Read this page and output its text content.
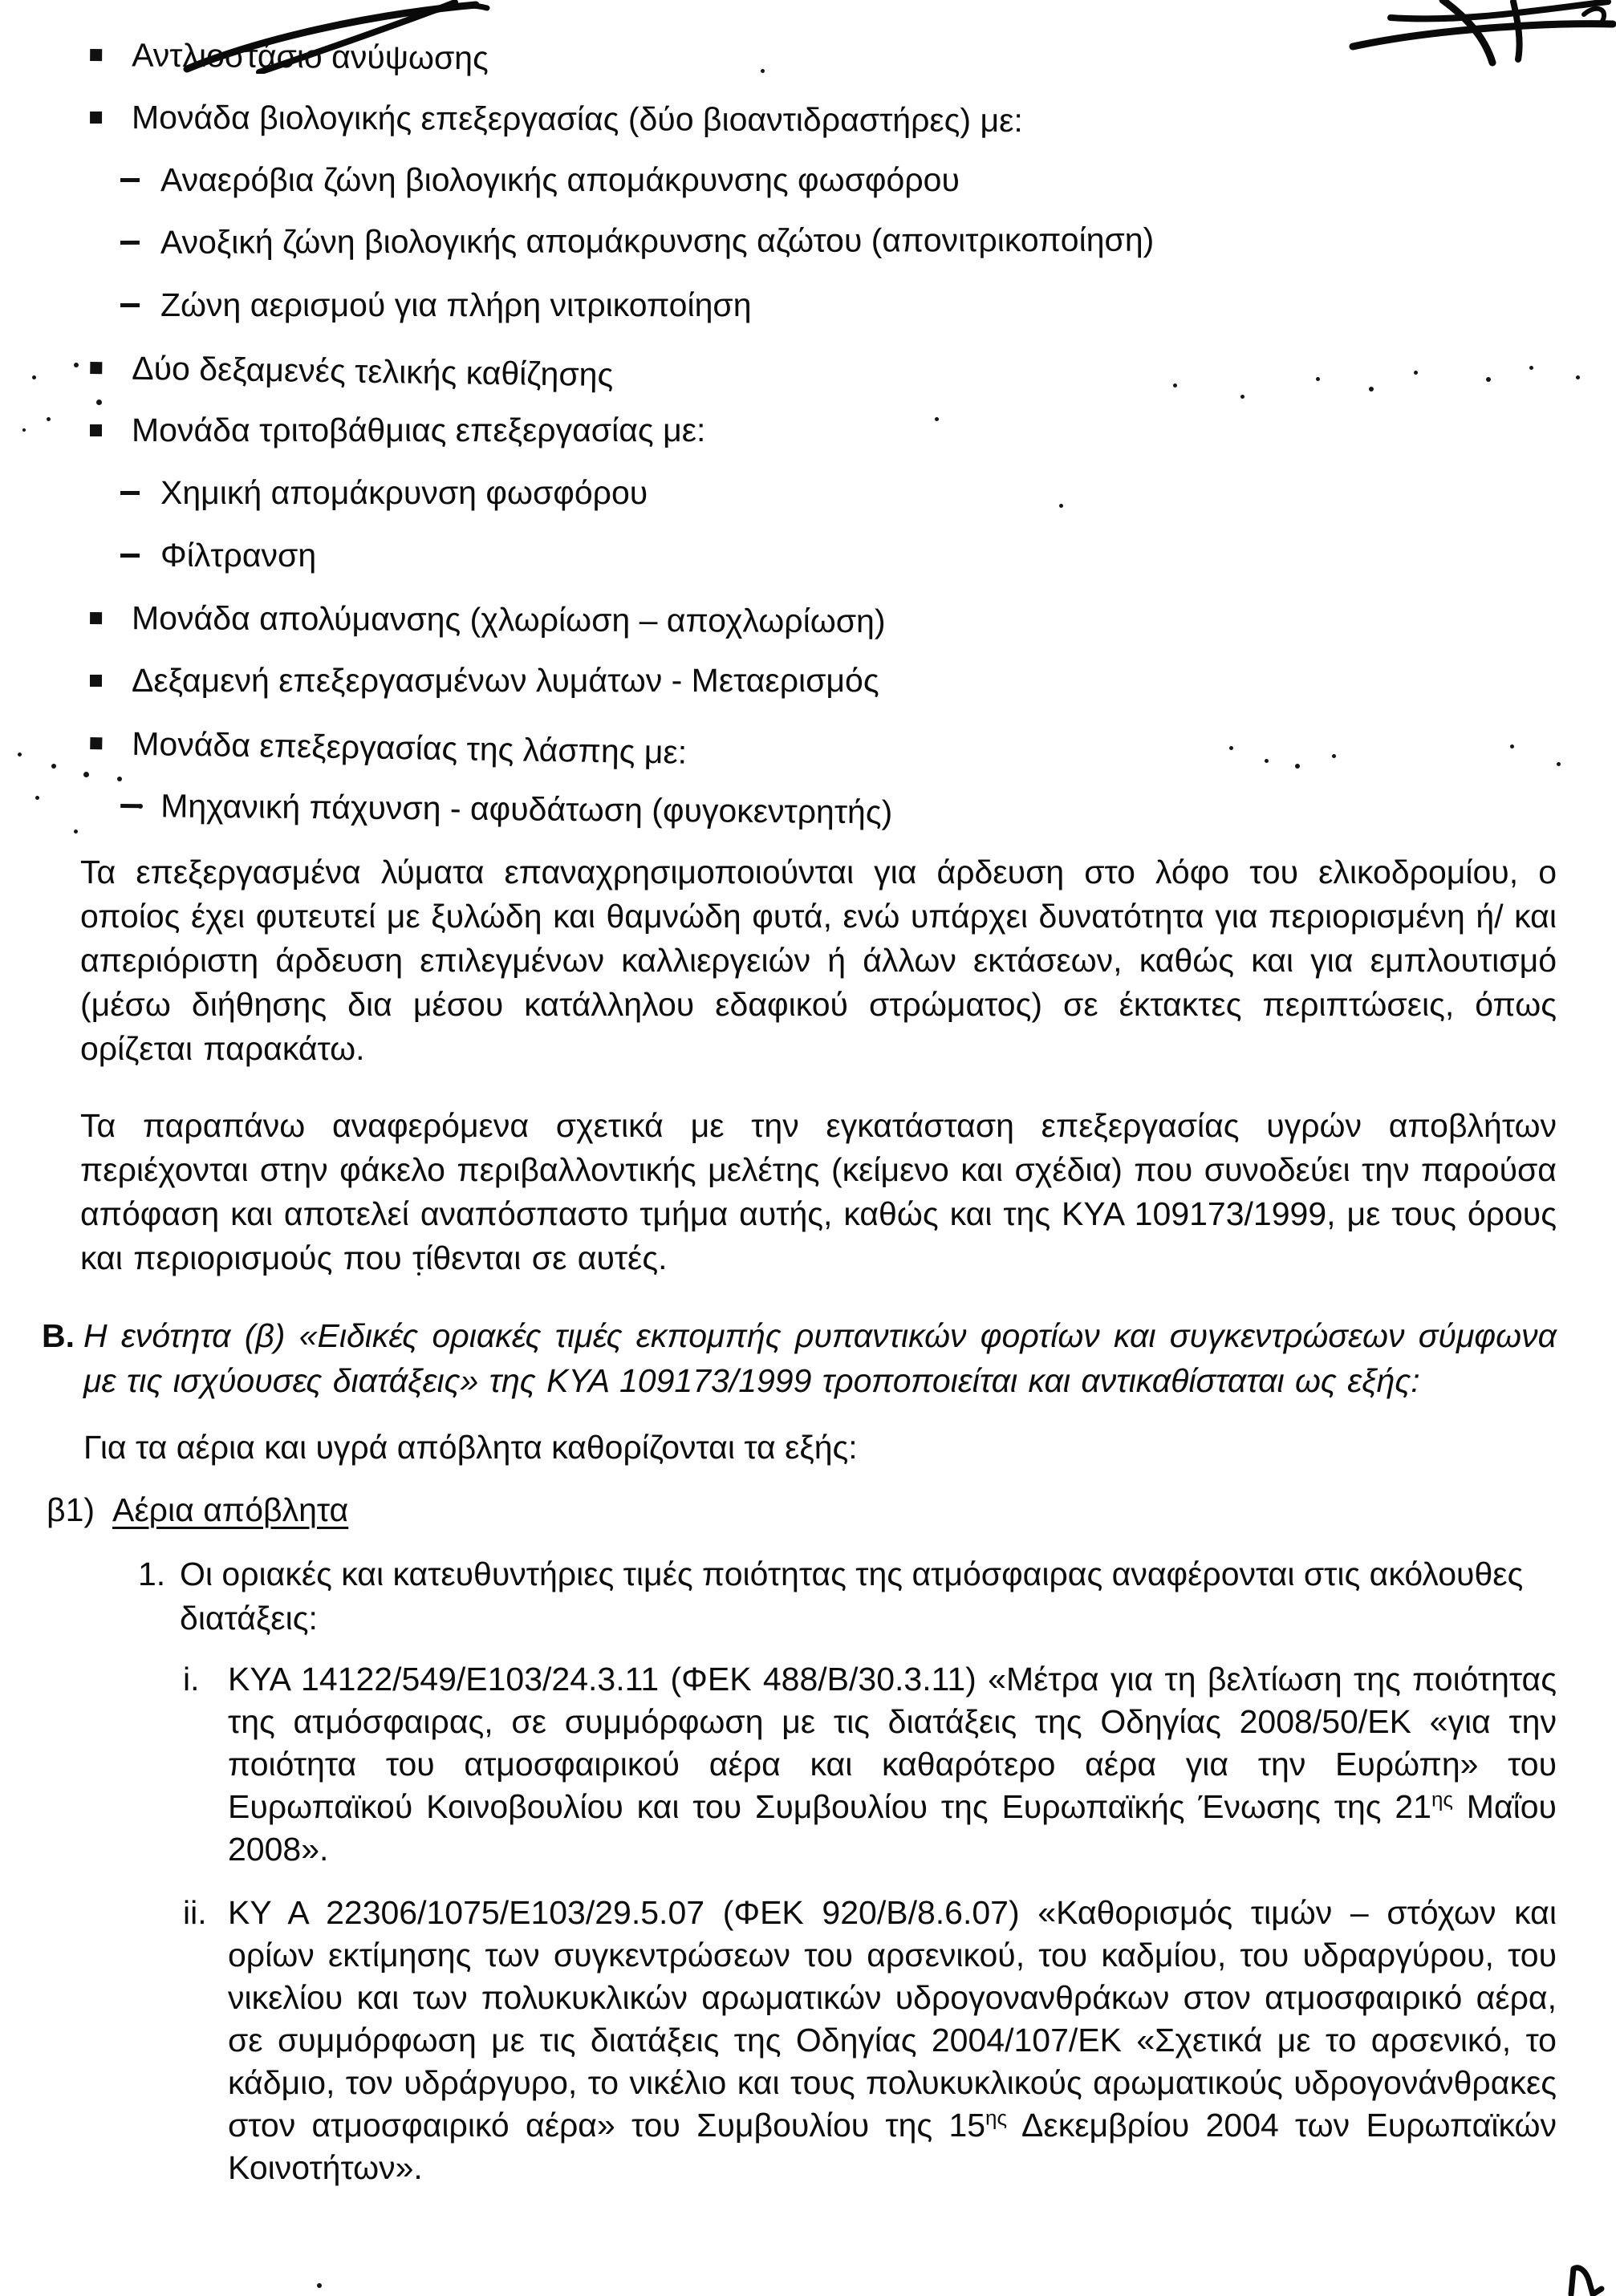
Αντλιοστάσιο ανύψωσης
Μονάδα βιολογικής επεξεργασίας (δύο βιοαντιδραστήρες) με:
Αναερόβια ζώνη βιολογικής απομάκρυνσης φωσφόρου
Ανοξική ζώνη βιολογικής απομάκρυνσης αζώτου (απονιτρικοποίηση)
Ζώνη αερισμού για πλήρη νιτρικοποίηση
Δύο δεξαμενές τελικής καθίζησης
Μονάδα τριτοβάθμιας επεξεργασίας με:
Χημική απομάκρυνση φωσφόρου
Φίλτρανση
Μονάδα απολύμανσης (χλωρίωση – αποχλωρίωση)
Δεξαμενή επεξεργασμένων λυμάτων - Μεταερισμός
Μονάδα επεξεργασίας της λάσπης με:
Μηχανική πάχυνση - αφυδάτωση (φυγοκεντρητής)

Τα επεξεργασμένα λύματα επαναχρησιμοποιούνται για άρδευση στο λόφο του ελικοδρομίου, ο οποίος έχει φυτευτεί με ξυλώδη και θαμνώδη φυτά, ενώ υπάρχει δυνατότητα για περιορισμένη ή/ και απεριόριστη άρδευση επιλεγμένων καλλιεργειών ή άλλων εκτάσεων, καθώς και για εμπλουτισμό (μέσω διήθησης δια μέσου κατάλληλου εδαφικού στρώματος) σε έκτακτες περιπτώσεις, όπως ορίζεται παρακάτω.

Τα παραπάνω αναφερόμενα σχετικά με την εγκατάσταση επεξεργασίας υγρών αποβλήτων περιέχονται στην φάκελο περιβαλλοντικής μελέτης (κείμενο και σχέδια) που συνοδεύει την παρούσα απόφαση και αποτελεί αναπόσπαστο τμήμα αυτής, καθώς και της ΚΥΑ 109173/1999, με τους όρους και περιορισμούς που τίθενται σε αυτές.

Β. Η ενότητα (β) «Ειδικές οριακές τιμές εκπομπής ρυπαντικών φορτίων και συγκεντρώσεων σύμφωνα με τις ισχύουσες διατάξεις» της ΚΥΑ 109173/1999 τροποποιείται και αντικαθίσταται ως εξής:
Για τα αέρια και υγρά απόβλητα καθορίζονται τα εξής:
β1) Αέρια απόβλητα
1. Οι οριακές και κατευθυντήριες τιμές ποιότητας της ατμόσφαιρας αναφέρονται στις ακόλουθες διατάξεις:
i. ΚΥΑ 14122/549/Ε103/24.3.11 (ΦΕΚ 488/Β/30.3.11) «Μέτρα για τη βελτίωση της ποιότητας της ατμόσφαιρας, σε συμμόρφωση με τις διατάξεις της Οδηγίας 2008/50/ΕΚ «για την ποιότητα του ατμοσφαιρικού αέρα και καθαρότερο αέρα για την Ευρώπη» του Ευρωπαϊκού Κοινοβουλίου και του Συμβουλίου της Ευρωπαϊκής Ένωσης της $21^{\eta\varsigma}$ Μαΐου 2008».
ii. ΚΥ Α 22306/1075/Ε103/29.5.07 (ΦΕΚ 920/Β/8.6.07) «Καθορισμός τιμών – στόχων και ορίων εκτίμησης των συγκεντρώσεων του αρσενικού, του καδμίου, του υδραργύρου, του νικελίου και των πολυκυκλικών αρωματικών υδρογονανθράκων στον ατμοσφαιρικό αέρα, σε συμμόρφωση με τις διατάξεις της Οδηγίας 2004/107/ΕΚ «Σχετικά με το αρσενικό, το κάδμιο, τον υδράργυρο, το νικέλιο και τους πολυκυκλικούς αρωματικούς υδρογονάνθρακες στον ατμοσφαιρικό αέρα» του Συμβουλίου της $15^{\eta\varsigma}$ Δεκεμβρίου 2004 των Ευρωπαϊκών Κοινοτήτων».
